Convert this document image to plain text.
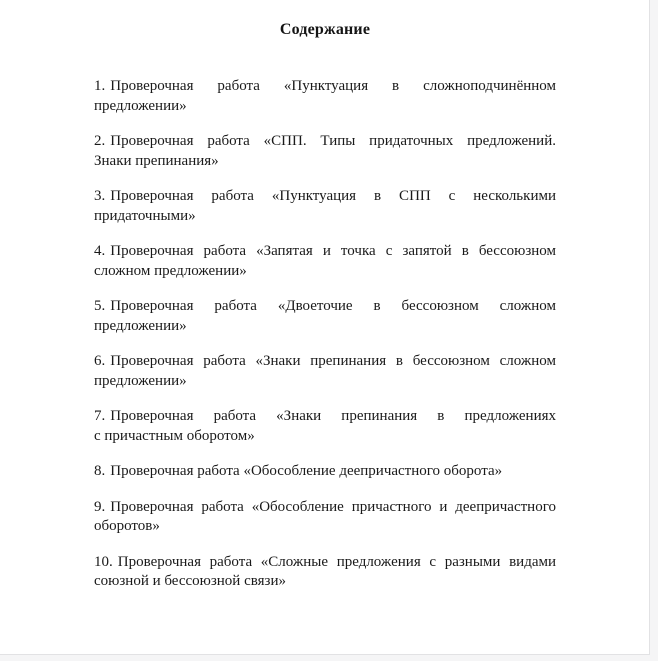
Содержание
1. Проверочная работа «Пунктуация в сложноподчинённом
предложении»
2. Проверочная работа «СПП. Типы придаточных предложений.
Знаки препинания»
3. Проверочная работа «Пунктуация в СПП с несколькими
придаточными»
4. Проверочная работа «Запятая и точка с запятой в бессоюзном
сложном предложении»
5. Проверочная работа «Двоеточие в бессоюзном сложном
предложении»
6. Проверочная работа «Знаки препинания в бессоюзном сложном
предложении»
7. Проверочная работа «Знаки препинания в предложениях
с причастным оборотом»
8. Проверочная работа «Обособление деепричастного оборота»
9. Проверочная работа «Обособление причастного и деепричастного
оборотов»
10. Проверочная работа «Сложные предложения с разными видами
союзной и бессоюзной связи»
